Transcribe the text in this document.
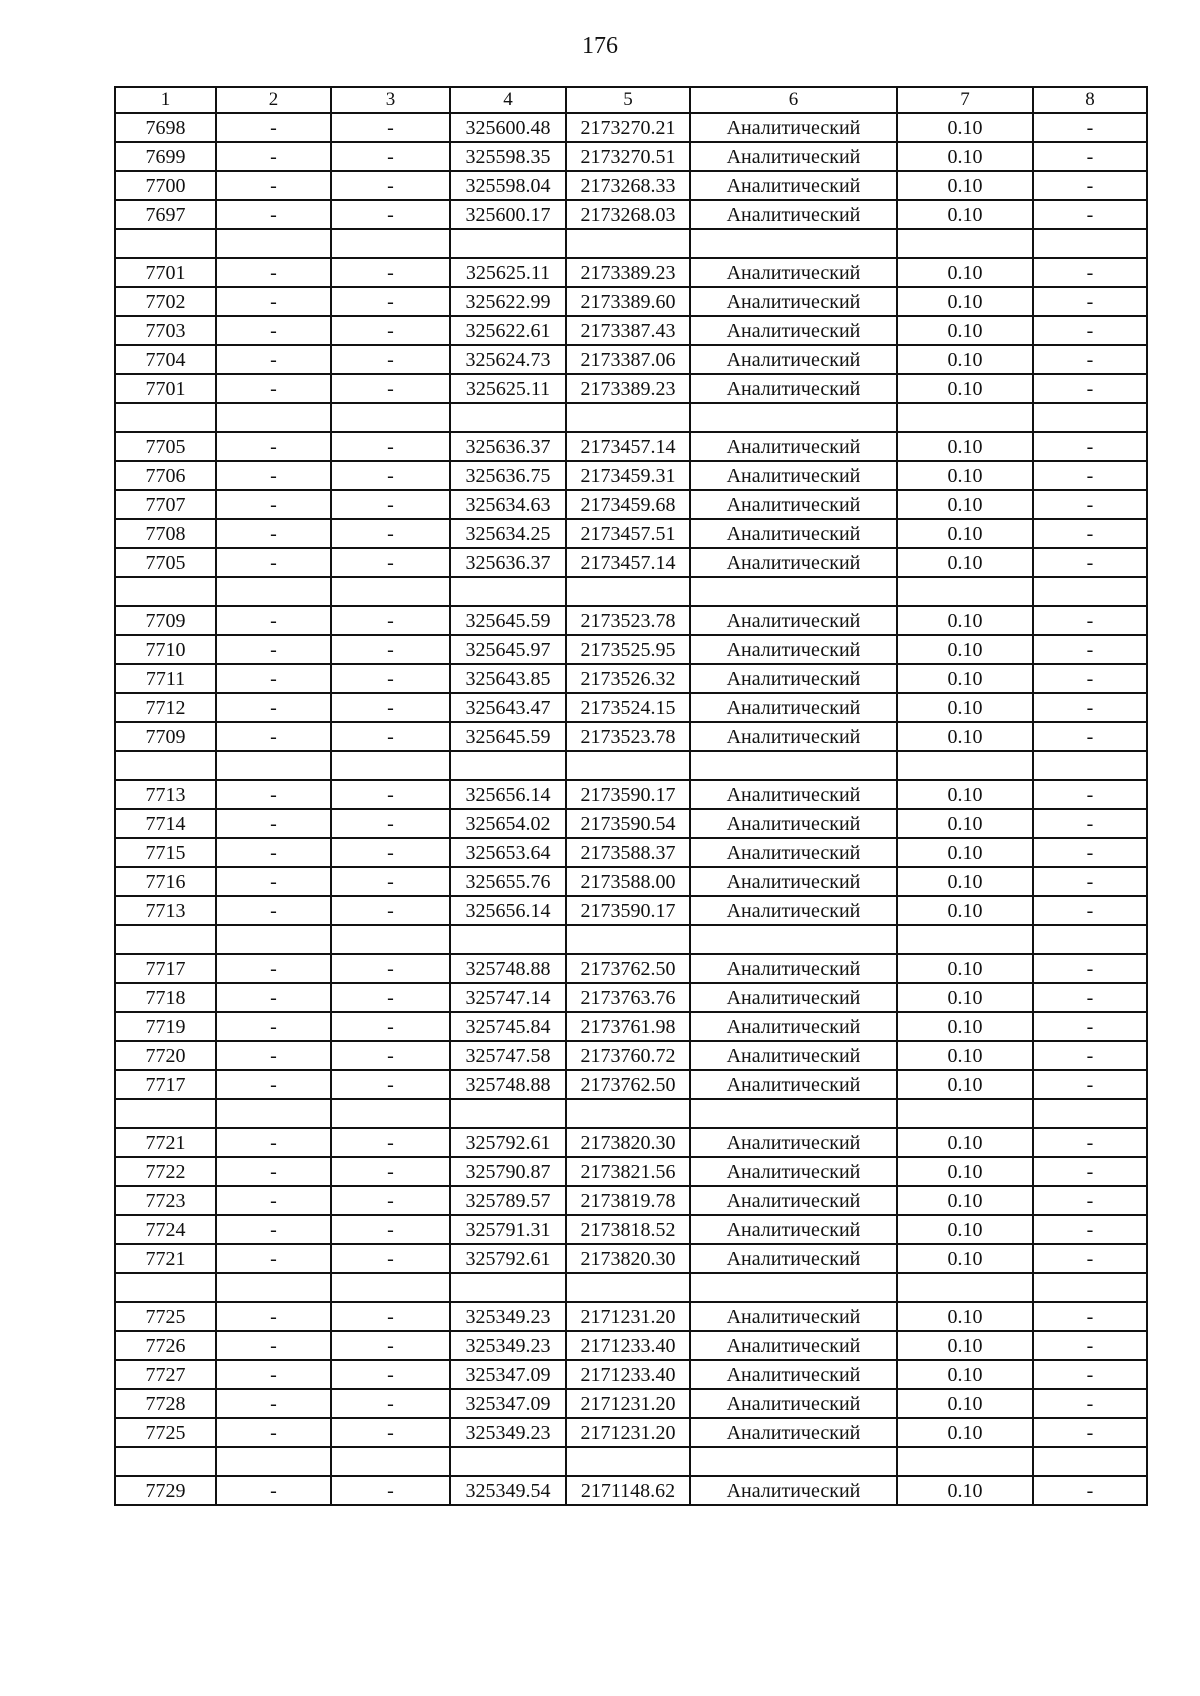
176
1	2	3	4	5	6	7	8
7698	-	-	325600.48	2173270.21	Аналитический	0.10	-
7699	-	-	325598.35	2173270.51	Аналитический	0.10	-
7700	-	-	325598.04	2173268.33	Аналитический	0.10	-
7697	-	-	325600.17	2173268.03	Аналитический	0.10	-

7701	-	-	325625.11	2173389.23	Аналитический	0.10	-
7702	-	-	325622.99	2173389.60	Аналитический	0.10	-
7703	-	-	325622.61	2173387.43	Аналитический	0.10	-
7704	-	-	325624.73	2173387.06	Аналитический	0.10	-
7701	-	-	325625.11	2173389.23	Аналитический	0.10	-

7705	-	-	325636.37	2173457.14	Аналитический	0.10	-
7706	-	-	325636.75	2173459.31	Аналитический	0.10	-
7707	-	-	325634.63	2173459.68	Аналитический	0.10	-
7708	-	-	325634.25	2173457.51	Аналитический	0.10	-
7705	-	-	325636.37	2173457.14	Аналитический	0.10	-

7709	-	-	325645.59	2173523.78	Аналитический	0.10	-
7710	-	-	325645.97	2173525.95	Аналитический	0.10	-
7711	-	-	325643.85	2173526.32	Аналитический	0.10	-
7712	-	-	325643.47	2173524.15	Аналитический	0.10	-
7709	-	-	325645.59	2173523.78	Аналитический	0.10	-

7713	-	-	325656.14	2173590.17	Аналитический	0.10	-
7714	-	-	325654.02	2173590.54	Аналитический	0.10	-
7715	-	-	325653.64	2173588.37	Аналитический	0.10	-
7716	-	-	325655.76	2173588.00	Аналитический	0.10	-
7713	-	-	325656.14	2173590.17	Аналитический	0.10	-

7717	-	-	325748.88	2173762.50	Аналитический	0.10	-
7718	-	-	325747.14	2173763.76	Аналитический	0.10	-
7719	-	-	325745.84	2173761.98	Аналитический	0.10	-
7720	-	-	325747.58	2173760.72	Аналитический	0.10	-
7717	-	-	325748.88	2173762.50	Аналитический	0.10	-

7721	-	-	325792.61	2173820.30	Аналитический	0.10	-
7722	-	-	325790.87	2173821.56	Аналитический	0.10	-
7723	-	-	325789.57	2173819.78	Аналитический	0.10	-
7724	-	-	325791.31	2173818.52	Аналитический	0.10	-
7721	-	-	325792.61	2173820.30	Аналитический	0.10	-

7725	-	-	325349.23	2171231.20	Аналитический	0.10	-
7726	-	-	325349.23	2171233.40	Аналитический	0.10	-
7727	-	-	325347.09	2171233.40	Аналитический	0.10	-
7728	-	-	325347.09	2171231.20	Аналитический	0.10	-
7725	-	-	325349.23	2171231.20	Аналитический	0.10	-

7729	-	-	325349.54	2171148.62	Аналитический	0.10	-
